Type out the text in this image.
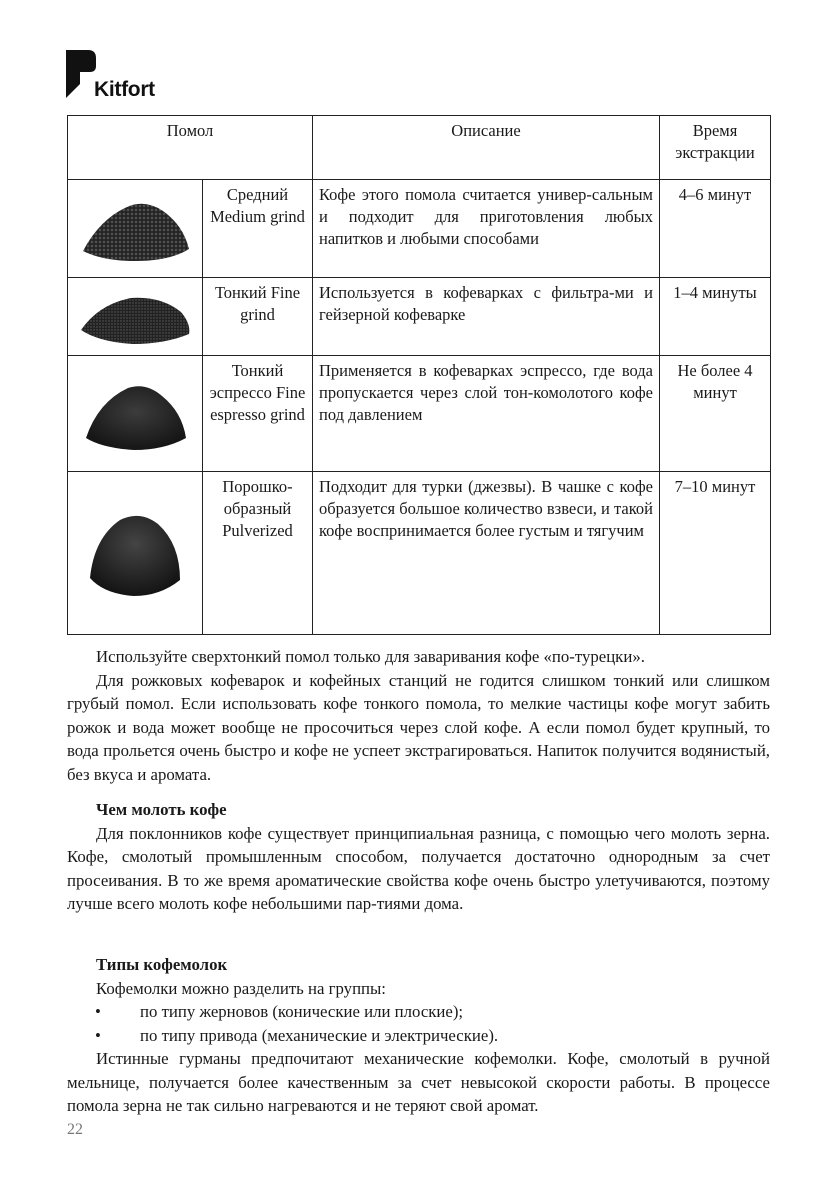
Kitfort
Помол		Описание	Время экстракции

	Средний Medium grind	Кофе этого помола считается универ-сальным и подходит для приготовления любых напитков и любыми способами	4–6 минут

	Тонкий Fine grind	Используется в кофеварках с фильтра-ми и гейзерной кофеварке	1–4 минуты

	Тонкий эспрессо Fine espresso grind	Применяется в кофеварках эспрессо, где вода пропускается через слой тон-комолотого кофе под давлением	Не более 4 минут

	Порошко-образный Pulverized	Подходит для турки (джезвы). В чашке с кофе образуется большое количество взвеси, и такой кофе воспринимается более густым и тягучим	7–10 минут

Используйте сверхтонкий помол только для заваривания кофе «по-турецки».

Для рожковых кофеварок и кофейных станций не годится слишком тонкий или слишком грубый помол. Если использовать кофе тонкого помола, то мелкие частицы кофе могут забить рожок и вода может вообще не просочиться через слой кофе. А если помол будет крупный, то вода прольется очень быстро и кофе не успеет экстрагироваться. Напиток получится водянистый, без вкуса и аромата.

Чем молоть кофе

Для поклонников кофе существует принципиальная разница, с помощью чего молоть зерна. Кофе, смолотый промышленным способом, получается достаточно однородным за счет просеивания. В то же время ароматические свойства кофе очень быстро улетучиваются, поэтому лучше всего молоть кофе небольшими пар-тиями дома.

Типы кофемолок

Кофемолки можно разделить на группы:

• по типу жерновов (конические или плоские);
• по типу привода (механические и электрические).

Истинные гурманы предпочитают механические кофемолки. Кофе, смолотый в ручной мельнице, получается более качественным за счет невысокой скорости работы. В процессе помола зерна не так сильно нагреваются и не теряют свой аромат.

22
